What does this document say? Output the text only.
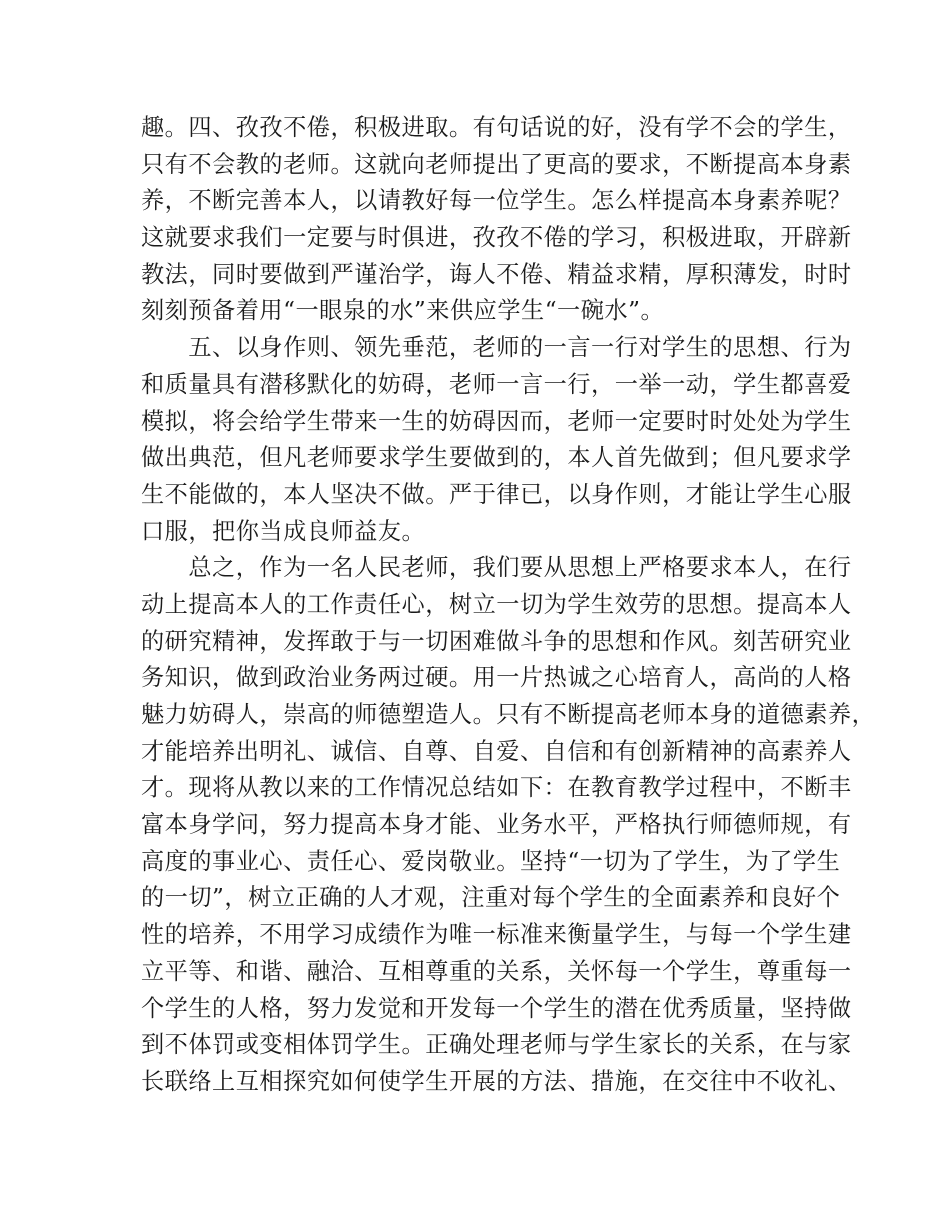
趣。四、孜孜不倦，积极进取。有句话说的好，没有学不会的学生，
只有不会教的老师。这就向老师提出了更高的要求，不断提高本身素
养，不断完善本人，以请教好每一位学生。怎么样提高本身素养呢？
这就要求我们一定要与时俱进，孜孜不倦的学习，积极进取，开辟新
教法，同时要做到严谨治学，诲人不倦、精益求精，厚积薄发，时时
刻刻预备着用“一眼泉的水”来供应学生“一碗水”。
　　五、以身作则、领先垂范，老师的一言一行对学生的思想、行为
和质量具有潜移默化的妨碍，老师一言一行，一举一动，学生都喜爱
模拟，将会给学生带来一生的妨碍因而，老师一定要时时处处为学生
做出典范，但凡老师要求学生要做到的，本人首先做到；但凡要求学
生不能做的，本人坚决不做。严于律已，以身作则，才能让学生心服
口服，把你当成良师益友。
　　总之，作为一名人民老师，我们要从思想上严格要求本人，在行
动上提高本人的工作责任心，树立一切为学生效劳的思想。提高本人
的研究精神，发挥敢于与一切困难做斗争的思想和作风。刻苦研究业
务知识，做到政治业务两过硬。用一片热诚之心培育人，高尚的人格
魅力妨碍人，崇高的师德塑造人。只有不断提高老师本身的道德素养，
才能培养出明礼、诚信、自尊、自爱、自信和有创新精神的高素养人
才。现将从教以来的工作情况总结如下：在教育教学过程中，不断丰
富本身学问，努力提高本身才能、业务水平，严格执行师德师规，有
高度的事业心、责任心、爱岗敬业。坚持“一切为了学生，为了学生
的一切”，树立正确的人才观，注重对每个学生的全面素养和良好个
性的培养，不用学习成绩作为唯一标准来衡量学生，与每一个学生建
立平等、和谐、融洽、互相尊重的关系，关怀每一个学生，尊重每一
个学生的人格，努力发觉和开发每一个学生的潜在优秀质量，坚持做
到不体罚或变相体罚学生。正确处理老师与学生家长的关系，在与家
长联络上互相探究如何使学生开展的方法、措施，在交往中不收礼、
